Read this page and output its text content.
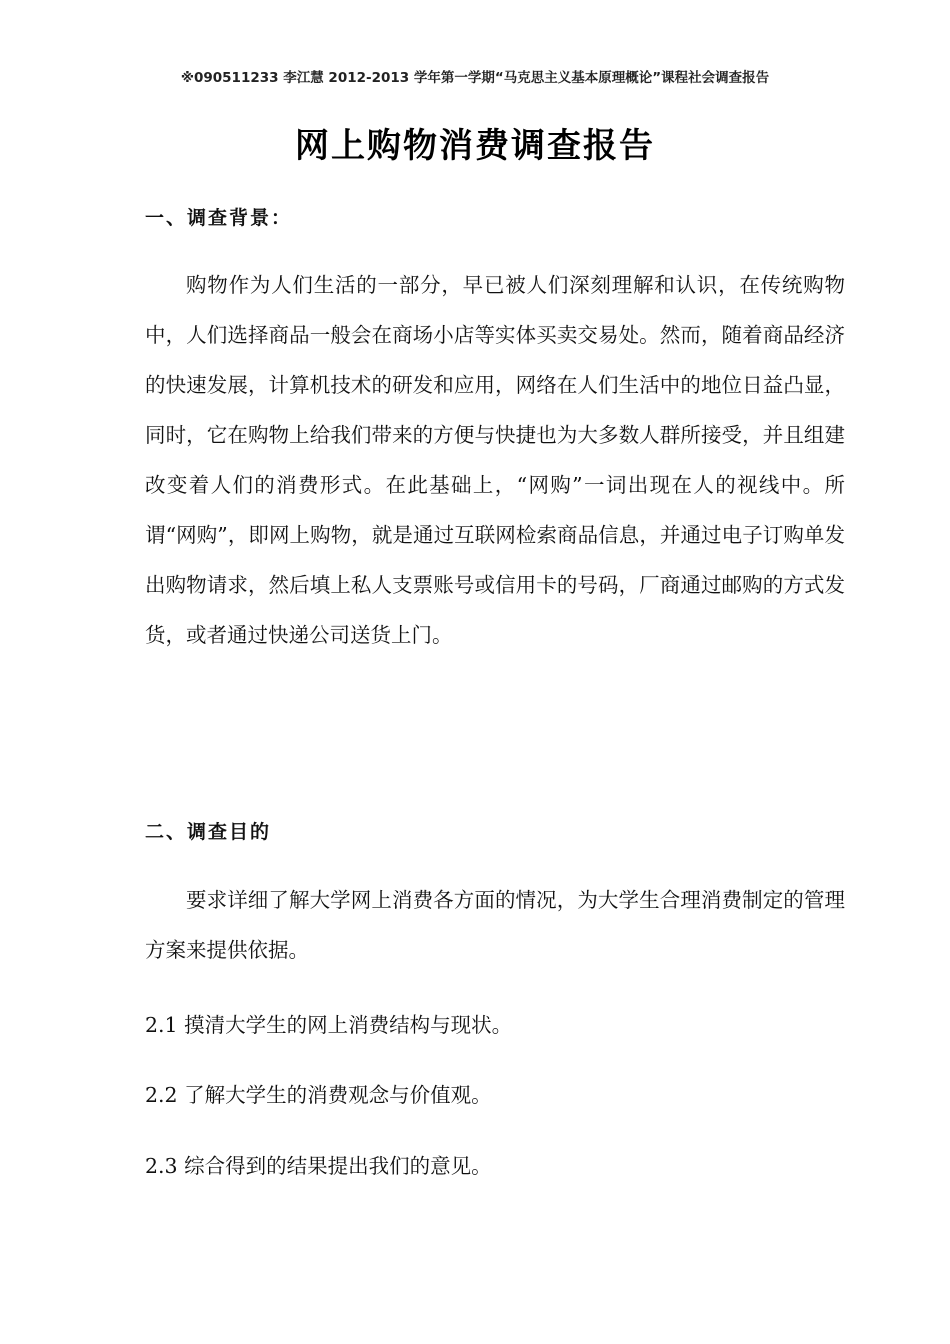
※090511233 李江慧 2012-2013 学年第一学期“马克思主义基本原理概论”课程社会调查报告
网上购物消费调查报告
一、调查背景：

购物作为人们生活的一部分，早已被人们深刻理解和认识，在传统购物中，人们选择商品一般会在商场小店等实体买卖交易处。然而，随着商品经济的快速发展，计算机技术的研发和应用，网络在人们生活中的地位日益凸显，同时，它在购物上给我们带来的方便与快捷也为大多数人群所接受，并且组建改变着人们的消费形式。在此基础上，“网购”一词出现在人的视线中。所谓“网购”，即网上购物，就是通过互联网检索商品信息，并通过电子订购单发出购物请求，然后填上私人支票账号或信用卡的号码，厂商通过邮购的方式发货，或者通过快递公司送货上门。

二、调查目的

要求详细了解大学网上消费各方面的情况，为大学生合理消费制定的管理方案来提供依据。

2.1 摸清大学生的网上消费结构与现状。
2.2 了解大学生的消费观念与价值观。
2.3 综合得到的结果提出我们的意见。
